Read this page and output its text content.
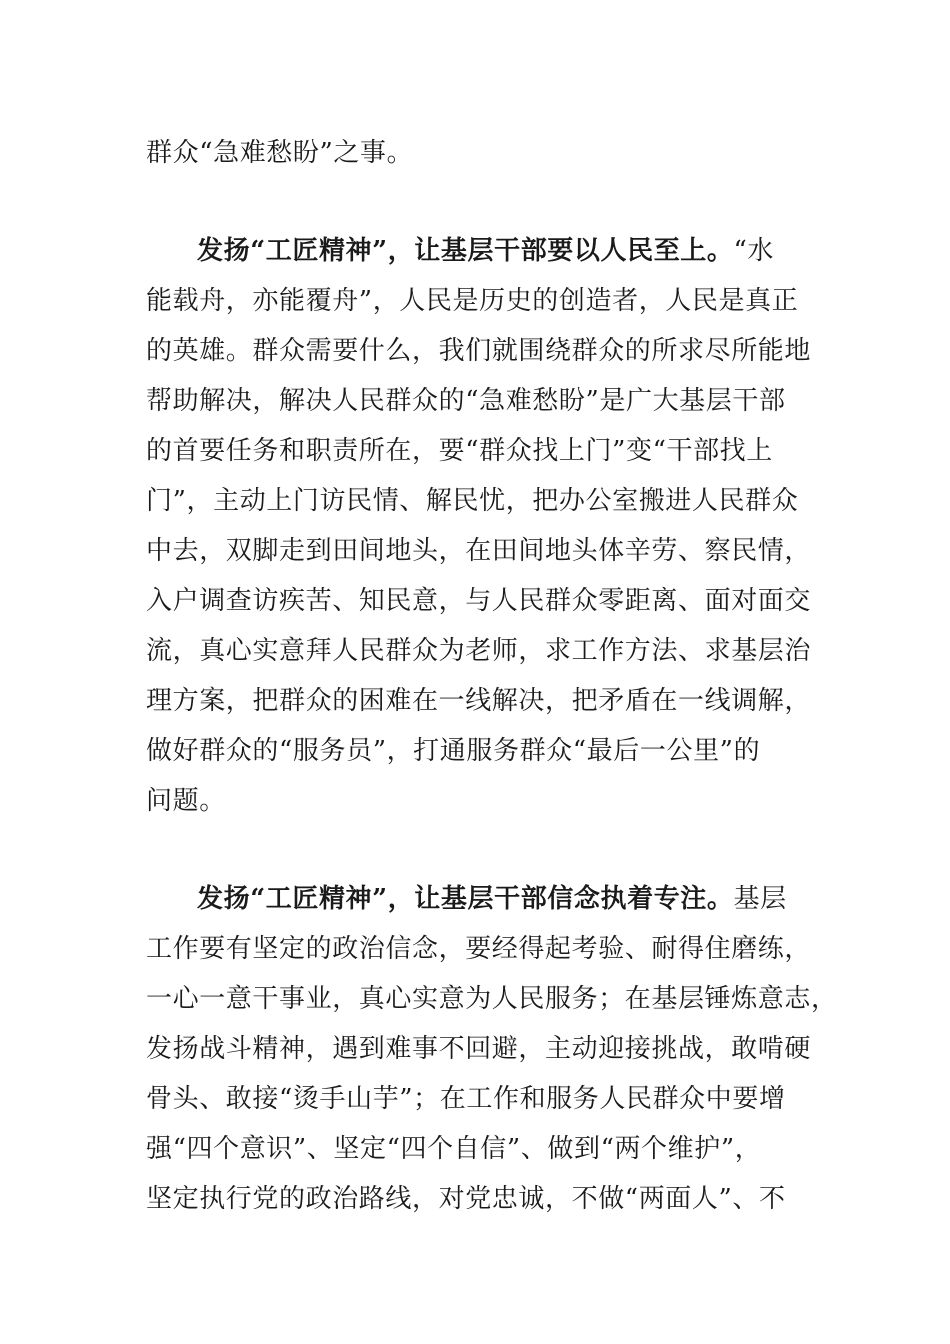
群众“急难愁盼”之事。
发扬“工匠精神”，让基层干部要以人民至上。“水
能载舟，亦能覆舟”，人民是历史的创造者，人民是真正
的英雄。群众需要什么，我们就围绕群众的所求尽所能地
帮助解决，解决人民群众的“急难愁盼”是广大基层干部
的首要任务和职责所在，要“群众找上门”变“干部找上
门”，主动上门访民情、解民忧，把办公室搬进人民群众
中去，双脚走到田间地头，在田间地头体辛劳、察民情，
入户调查访疾苦、知民意，与人民群众零距离、面对面交
流，真心实意拜人民群众为老师，求工作方法、求基层治
理方案，把群众的困难在一线解决，把矛盾在一线调解，
做好群众的“服务员”，打通服务群众“最后一公里”的
问题。
发扬“工匠精神”，让基层干部信念执着专注。基层
工作要有坚定的政治信念，要经得起考验、耐得住磨练，
一心一意干事业，真心实意为人民服务；在基层锤炼意志，
发扬战斗精神，遇到难事不回避，主动迎接挑战，敢啃硬
骨头、敢接“烫手山芋”；在工作和服务人民群众中要增
强“四个意识”、坚定“四个自信”、做到“两个维护”，
坚定执行党的政治路线，对党忠诚，不做“两面人”、不
